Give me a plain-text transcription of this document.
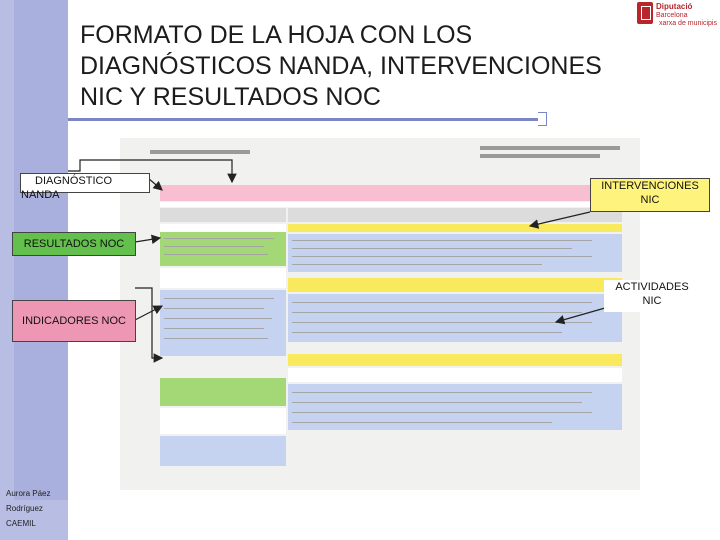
FORMATO DE LA HOJA CON LOS
DIAGNÓSTICOS NANDA, INTERVENCIONES
NIC Y RESULTADOS NOC
Diputació
Barcelona
xarxa de municipis
DIAGNÓSTICO NANDA
RESULTADOS NOC
INDICADORES NOC
INTERVENCIONES
NIC
ACTIVIDADES
NIC
Aurora Páez
Rodríguez
CAEMIL
